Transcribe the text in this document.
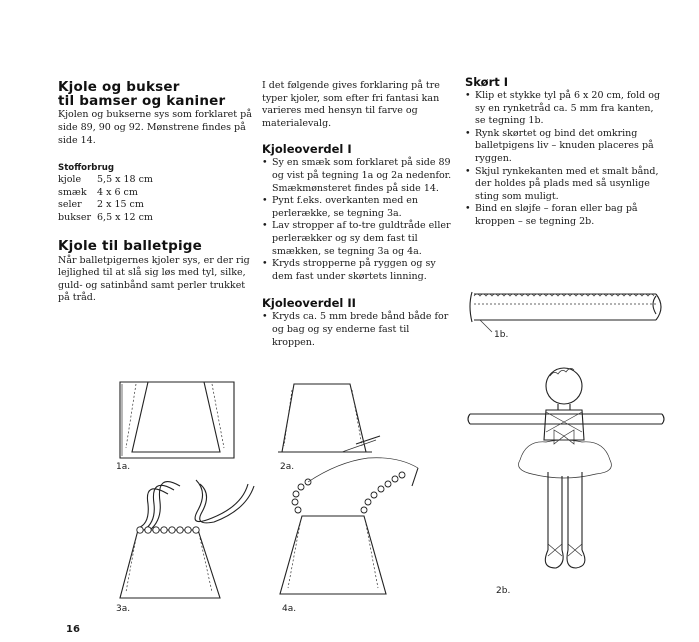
Kjole og bukser
til bamser og kaniner
Kjolen og bukserne sys som forklaret på side 89, 90 og 92. Mønstrene findes på side 14.
Stofforbrug
kjole	5,5 x 18 cm
smæk	4 x 6 cm
seler	2 x 15 cm
bukser	6,5 x 12 cm
Kjole til balletpige
Når balletpigernes kjoler sys, er der rig lejlighed til at slå sig løs med tyl, silke, guld- og satinbånd samt perler trukket på tråd.
I det følgende gives forklaring på tre typer kjoler, som efter fri fantasi kan varieres med hensyn til farve og materialevalg.
Kjoleoverdel I
• Sy en smæk som forklaret på side 89 og vist på tegning 1a og 2a nedenfor. Smækmønsteret findes på side 14.
• Pynt f.eks. overkanten med en perlerække, se tegning 3a.
• Lav stropper af to-tre guldtråde eller perlerækker og sy dem fast til smækken, se tegning 3a og 4a.
• Kryds stropperne på ryggen og sy dem fast under skørtets linning.
Kjoleoverdel II
• Kryds ca. 5 mm brede bånd både for og bag og sy enderne fast til kroppen.
Skørt I
• Klip et stykke tyl på 6 x 20 cm, fold og sy en rynketråd ca. 5 mm fra kanten, se tegning 1b.
• Rynk skørtet og bind det omkring balletpigens liv – knuden placeres på ryggen.
• Skjul rynkekanten med et smalt bånd, der holdes på plads med så usynlige sting som muligt.
• Bind en sløjfe – foran eller bag på kroppen – se tegning 2b.
1b.
1a.	2a.
3a.	4a.
2b.
16
